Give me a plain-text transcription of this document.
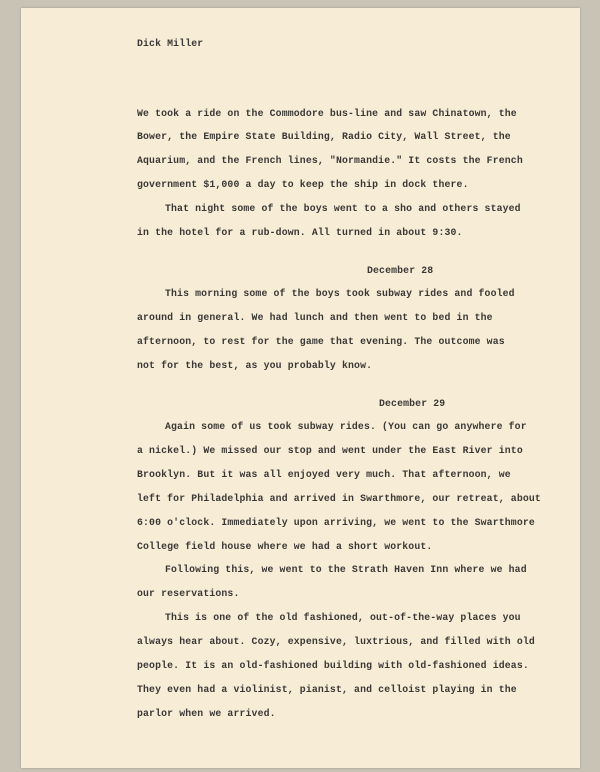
Dick Miller
We took a ride on the Commodore bus-line and saw Chinatown, the
Bower, the Empire State Building, Radio City, Wall Street, the
Aquarium, and the French lines, "Normandie." It costs the French
government $1,000 a day to keep the ship in dock there.
That night some of the boys went to a sho and others stayed
in the hotel for a rub-down. All turned in about 9:30.
December 28
This morning some of the boys took subway rides and fooled
around in general. We had lunch and then went to bed in the
afternoon, to rest for the game that evening. The outcome was
not for the best, as you probably know.
December 29
Again some of us took subway rides. (You can go anywhere for
a nickel.) We missed our stop and went under the East River into
Brooklyn. But it was all enjoyed very much. That afternoon, we
left for Philadelphia and arrived in Swarthmore, our retreat, about
6:00 o'clock. Immediately upon arriving, we went to the Swarthmore
College field house where we had a short workout.
Following this, we went to the Strath Haven Inn where we had
our reservations.
This is one of the old fashioned, out-of-the-way places you
always hear about. Cozy, expensive, luxtrious, and filled with old
people. It is an old-fashioned building with old-fashioned ideas.
They even had a violinist, pianist, and celloist playing in the
parlor when we arrived.
